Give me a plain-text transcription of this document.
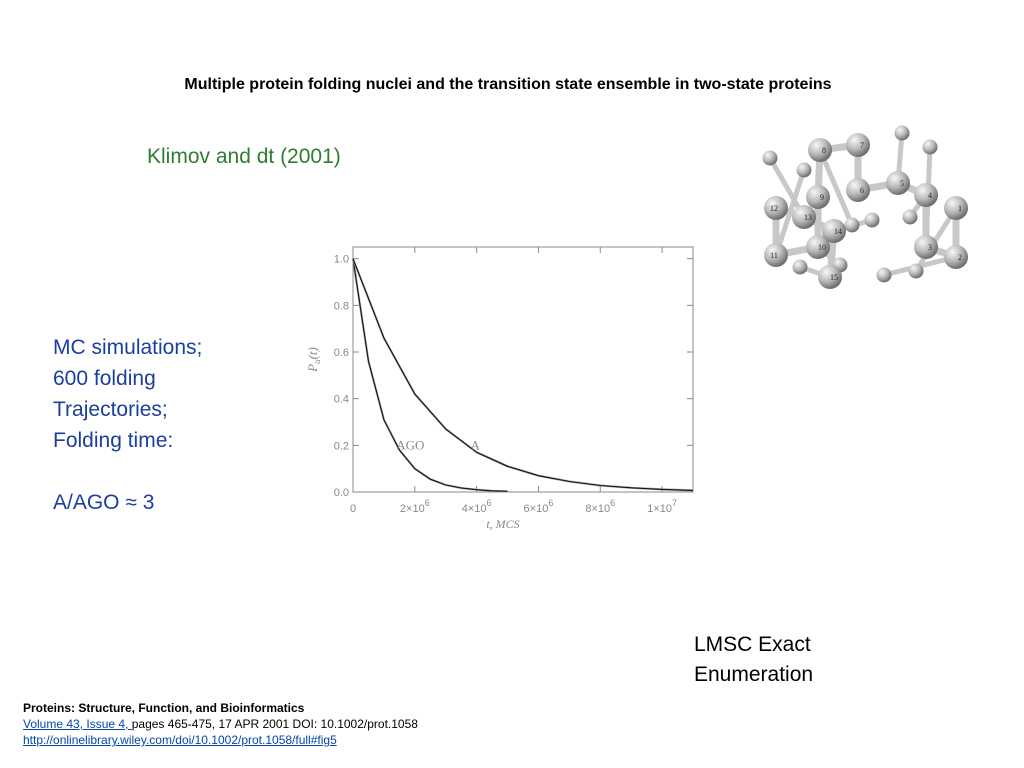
Multiple protein folding nuclei and the transition state ensemble in two-state proteins
Klimov and dt (2001)
MC simulations;
600 folding
Trajectories;
Folding time:
A/AGO ≈ 3
1
2
3
4
5
6
7
8
9
10
11
12
13
14
15
0.0
0.2
0.4
0.6
0.8
1.0
0	$2\times 10^6$	$4\times 10^6$	$6\times 10^6$	$8\times 10^6$	$1\times 10^7$
AGO	A
t, MCS
$P_u(t)$
LMSC Exact
Enumeration
Proteins: Structure, Function, and Bioinformatics
Volume 43, Issue 4, pages 465-475, 17 APR 2001 DOI: 10.1002/prot.1058
http://onlinelibrary.wiley.com/doi/10.1002/prot.1058/full#fig5
